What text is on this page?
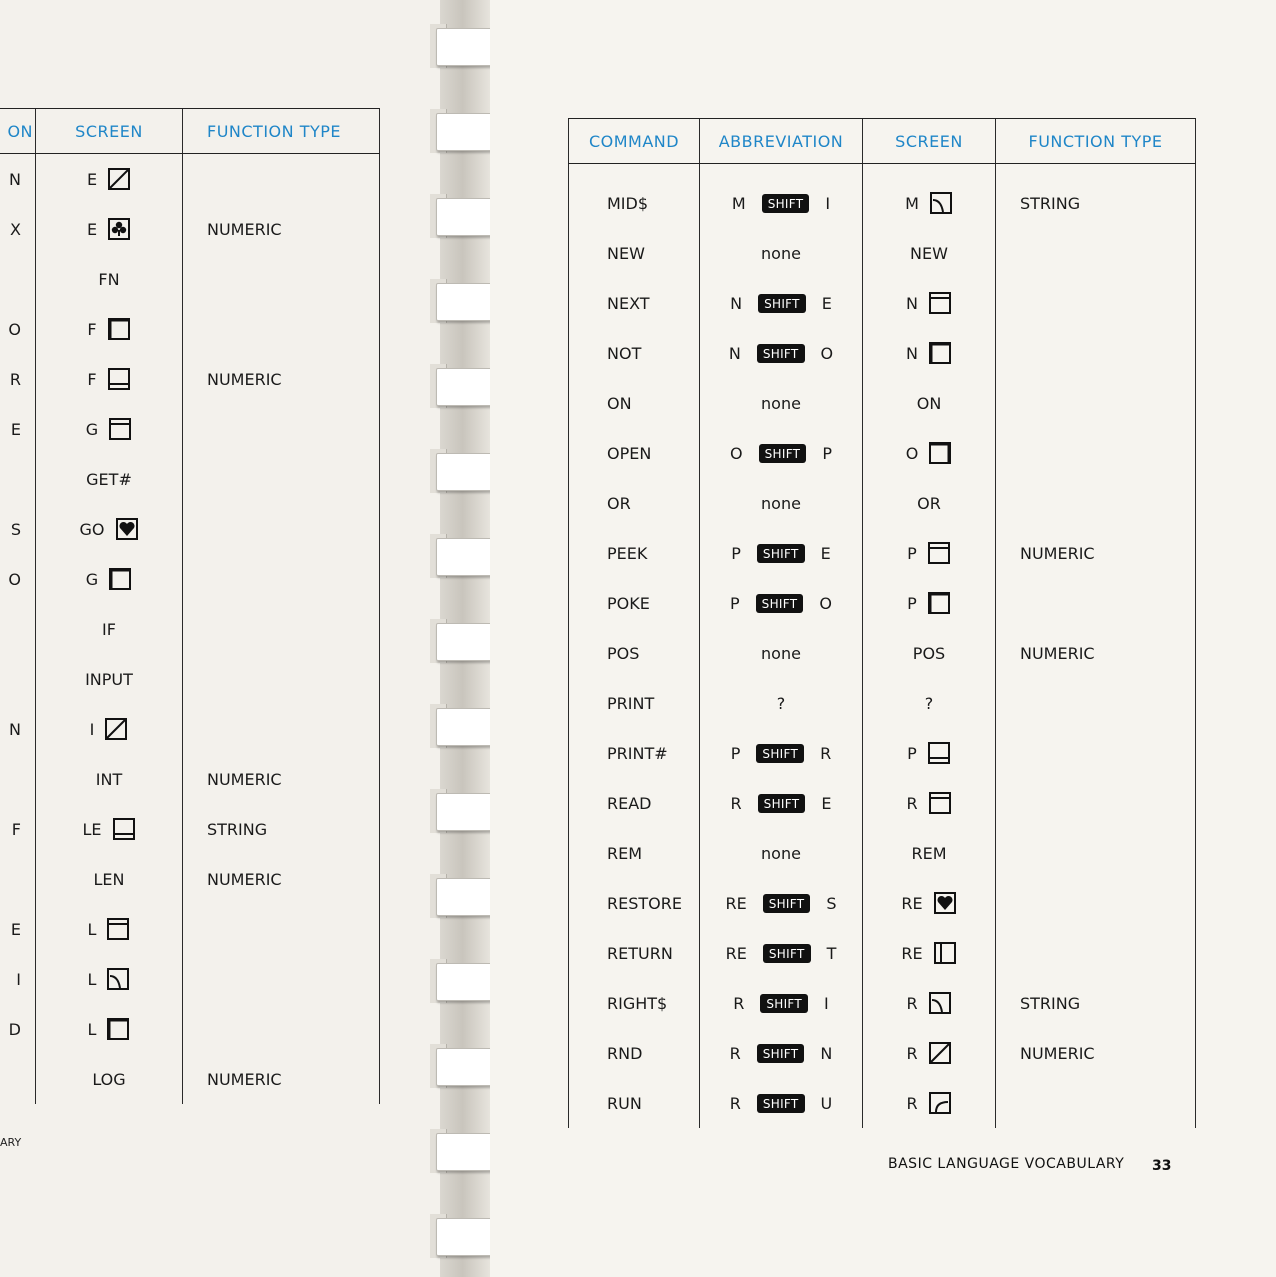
ON	SCREEN	FUNCTION TYPE
N	E

X	E	NUMERIC
	FN	
O	F

R	F	NUMERIC
E	G

	GET#	
S	GO

O	G

	IF	
	INPUT	
N	I

	INT	NUMERIC
F	LE	STRING
	LEN	NUMERIC
E	L

I	L

D	L

	LOG	NUMERIC
ARY
COMMAND	ABBREVIATION	SCREEN	FUNCTION TYPE
MID$	M SHIFT I	M	STRING
NEW	none	NEW	
NEXT	N SHIFT E	N

NOT	N SHIFT O	N

ON	none	ON	
OPEN	O SHIFT P	O

OR	none	OR	
PEEK	P SHIFT E	P	NUMERIC
POKE	P SHIFT O	P

POS	none	POS	NUMERIC
PRINT	?	?	
PRINT#	P SHIFT R	P

READ	R SHIFT E	R

REM	none	REM	
RESTORE	RE SHIFT S	RE

RETURN	RE SHIFT T	RE

RIGHT$	R SHIFT I	R	STRING
RND	R SHIFT N	R	NUMERIC
RUN	R SHIFT U	R

BASIC LANGUAGE VOCABULARY 33
